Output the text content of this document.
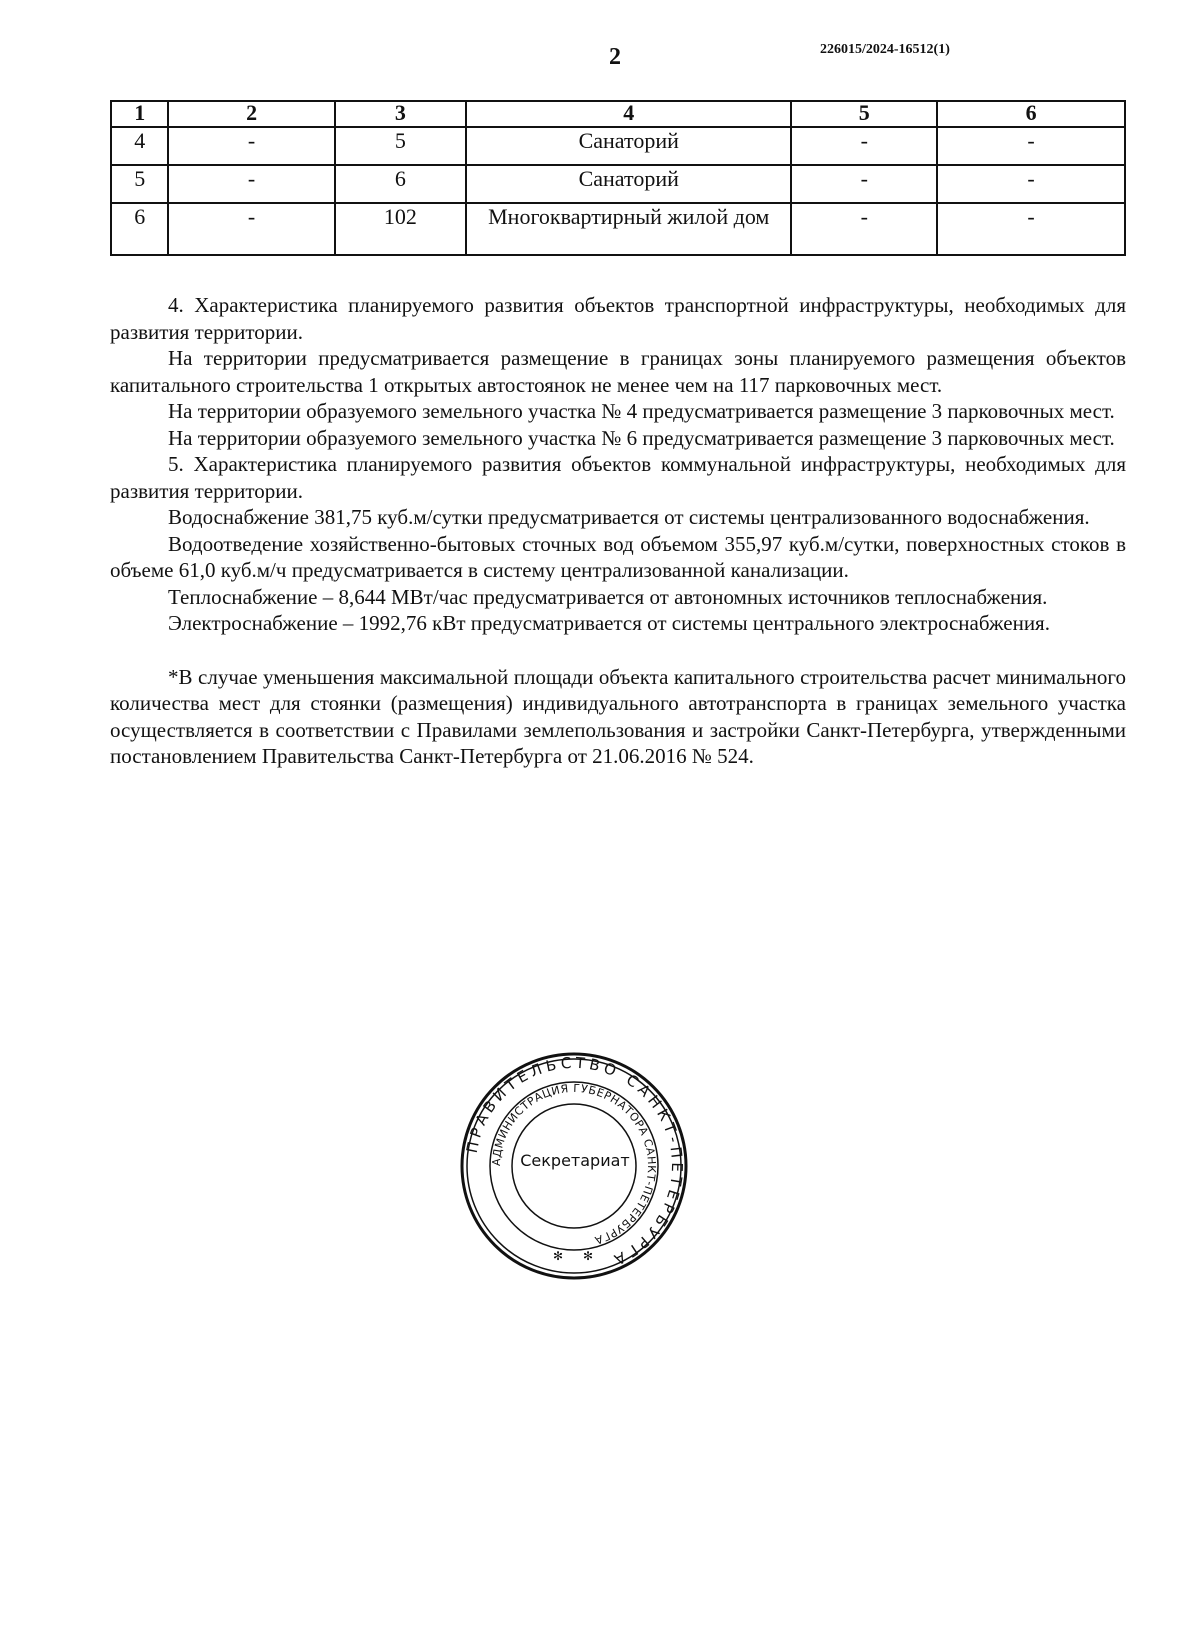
2	226015/2024-16512(1)
1	2	3	4	5	6
4	-	5	Санаторий	-	-
5	-	6	Санаторий	-	-
6	-	102	Многоквартирный жилой дом	-	-

4. Характеристика планируемого развития объектов транспортной инфраструктуры, необходимых для развития территории.

На территории предусматривается размещение в границах зоны планируемого размещения объектов капитального строительства 1 открытых автостоянок не менее чем на 117 парковочных мест.

На территории образуемого земельного участка № 4 предусматривается размещение 3 парковочных мест.

На территории образуемого земельного участка № 6 предусматривается размещение 3 парковочных мест.

5. Характеристика планируемого развития объектов коммунальной инфраструктуры, необходимых для развития территории.

Водоснабжение 381,75 куб.м/сутки предусматривается от системы централизованного водоснабжения.

Водоотведение хозяйственно-бытовых сточных вод объемом 355,97 куб.м/сутки, поверхностных стоков в объеме 61,0 куб.м/ч предусматривается в систему централизованной канализации.

Теплоснабжение – 8,644 МВт/час предусматривается от автономных источников теплоснабжения.

Электроснабжение – 1992,76 кВт предусматривается от системы центрального электроснабжения.

*В случае уменьшения максимальной площади объекта капитального строительства расчет минимального количества мест для стоянки (размещения) индивидуального автотранспорта в границах земельного участка осуществляется в соответствии с Правилами землепользования и застройки Санкт-Петербурга, утвержденными постановлением Правительства Санкт-Петербурга от 21.06.2016 № 524.

ПРАВИТЕЛЬСТВО САНКТ-ПЕТЕРБУРГА
АДМИНИСТРАЦИЯ ГУБЕРНАТОРА САНКТ-ПЕТЕРБУРГА
✻ ✻
Секретариат
